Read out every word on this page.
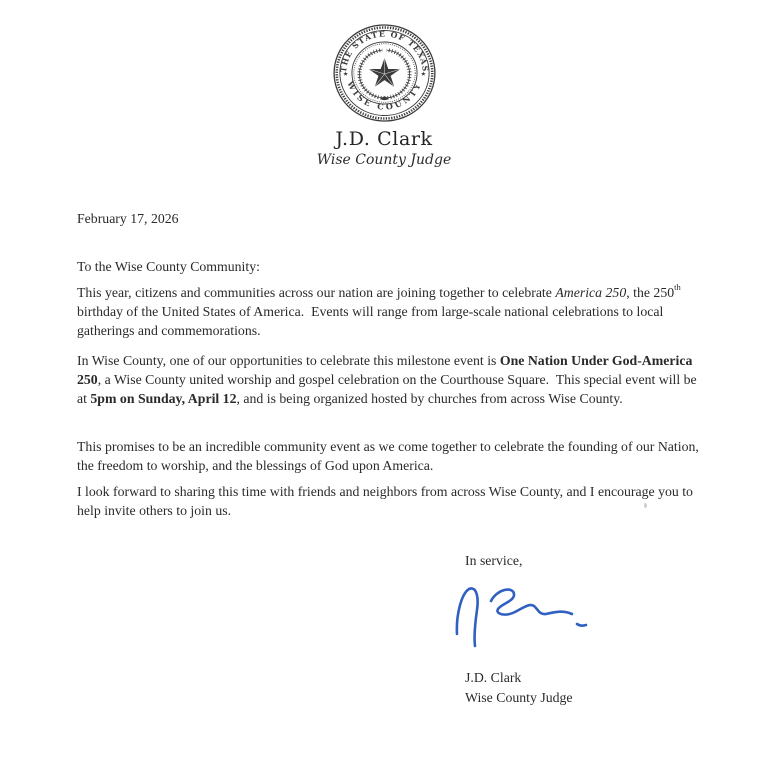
THE STATE OF TEXAS
WISE COUNTY
★	★
J.D. Clark
Wise County Judge

February 17, 2026

To the Wise County Community:

This year, citizens and communities across our nation are joining together to celebrate America 250, the 250th birthday of the United States of America.  Events will range from large-scale national celebrations to local gatherings and commemorations.

In Wise County, one of our opportunities to celebrate this milestone event is One Nation Under God-America 250, a Wise County united worship and gospel celebration on the Courthouse Square.  This special event will be at 5pm on Sunday, April 12, and is being organized hosted by churches from across Wise County.

This promises to be an incredible community event as we come together to celebrate the founding of our Nation, the freedom to worship, and the blessings of God upon America.

I look forward to sharing this time with friends and neighbors from across Wise County, and I encourage you to help invite others to join us.

In service,
J.D. Clark
Wise County Judge
